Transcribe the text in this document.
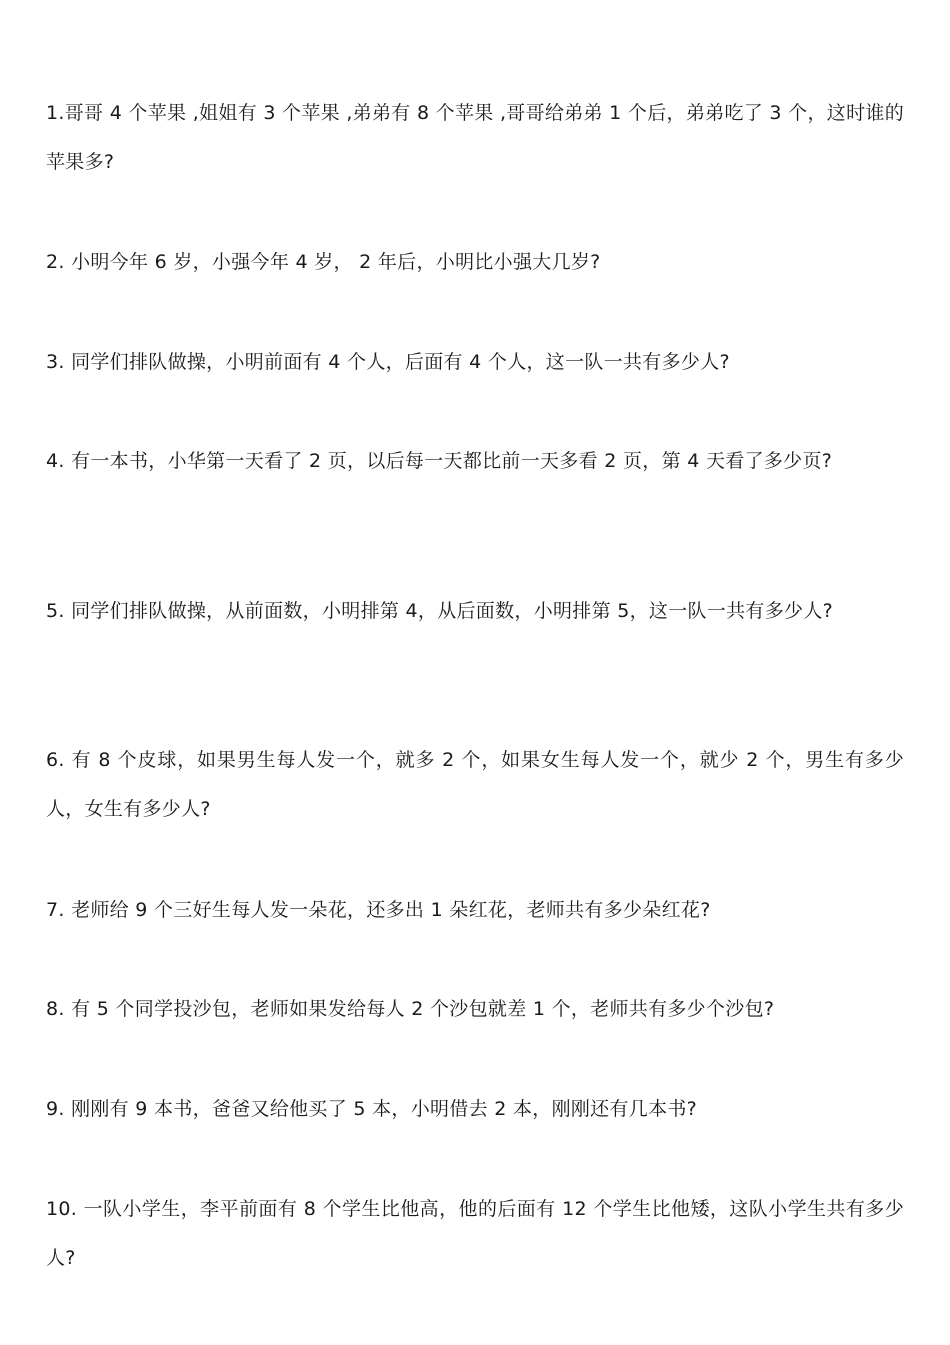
1.哥哥 4 个苹果 ,姐姐有 3 个苹果 ,弟弟有 8 个苹果 ,哥哥给弟弟 1 个后，弟弟吃了 3 个，这时谁的苹果多?

2. 小明今年 6 岁，小强今年 4 岁， 2 年后，小明比小强大几岁?

3. 同学们排队做操，小明前面有 4 个人，后面有 4 个人，这一队一共有多少人?

4. 有一本书，小华第一天看了 2 页，以后每一天都比前一天多看 2 页，第 4 天看了多少页?

5. 同学们排队做操，从前面数，小明排第 4，从后面数，小明排第 5，这一队一共有多少人?

6. 有 8 个皮球，如果男生每人发一个，就多 2 个，如果女生每人发一个，就少 2 个，男生有多少人，女生有多少人?

7. 老师给 9 个三好生每人发一朵花，还多出 1 朵红花，老师共有多少朵红花?

8. 有 5 个同学投沙包，老师如果发给每人 2 个沙包就差 1 个，老师共有多少个沙包?

9. 刚刚有 9 本书，爸爸又给他买了 5 本，小明借去 2 本，刚刚还有几本书?

10. 一队小学生，李平前面有 8 个学生比他高，他的后面有 12 个学生比他矮，这队小学生共有多少人?
